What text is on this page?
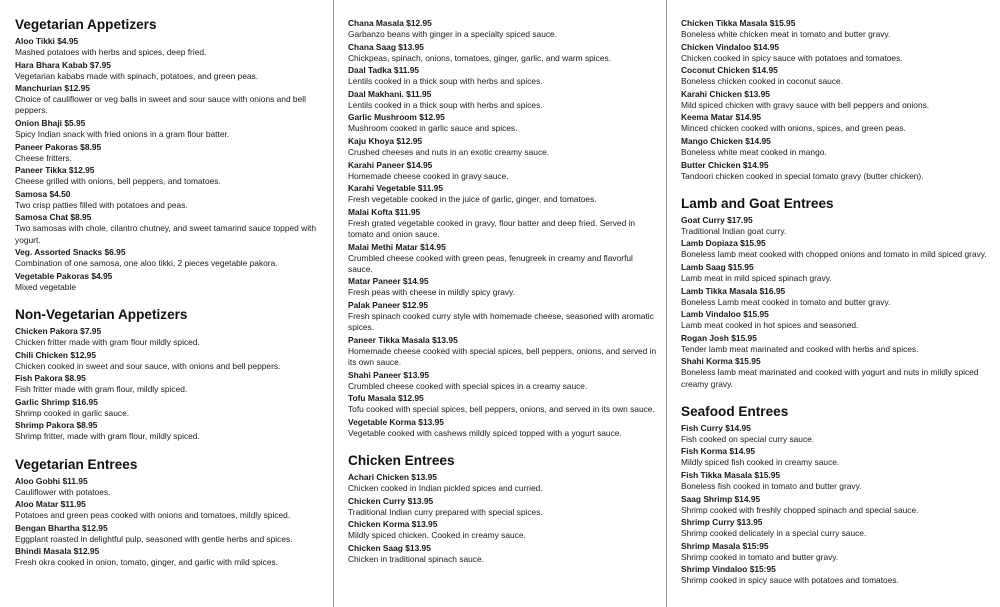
Vegetarian Appetizers
Aloo Tikki $4.95
Mashed potatoes with herbs and spices, deep fried.
Hara Bhara Kabab $7.95
Vegetarian kababs made with spinach, potatoes, and green peas.
Manchurian $12.95
Choice of cauliflower or veg balls in sweet and sour sauce with onions and bell peppers.
Onion Bhaji $5.95
Spicy Indian snack with fried onions in a gram flour batter.
Paneer Pakoras $8.95
Cheese fritters.
Paneer Tikka $12.95
Cheese grilled with onions, bell peppers, and tomatoes.
Samosa $4.50
Two crisp patties filled with potatoes and peas.
Samosa Chat $8.95
Two samosas with chole, cilantro chutney, and sweet tamarind sauce topped with yogurt.
Veg. Assorted Snacks $6.95
Combination of one samosa, one aloo tikki, 2 pieces vegetable pakora.
Vegetable Pakoras $4.95
Mixed vegetable
Non-Vegetarian Appetizers
Chicken Pakora $7.95
Chicken fritter made with gram flour mildly spiced.
Chili Chicken $12.95
Chicken cooked in sweet and sour sauce, with onions and bell peppers.
Fish Pakora $8.95
Fish fritter made with gram flour, mildly spiced.
Garlic Shrimp $16.95
Shrimp cooked in garlic sauce.
Shrimp Pakora $8.95
Shrimp fritter, made with gram flour, mildly spiced.
Vegetarian Entrees
Aloo Gobhi $11.95
Cauliflower with potatoes.
Aloo Matar $11.95
Potatoes and green peas cooked with onions and tomatoes, mildly spiced.
Bengan Bhartha $12.95
Eggplant roasted in delightful pulp, seasoned with gentle herbs and spices.
Bhindi Masala $12.95
Fresh okra cooked in onion, tomato, ginger, and garlic with mild spices.
Chana Masala $12.95
Garbanzo beans with ginger in a specialty spiced sauce.
Chana Saag $13.95
Chickpeas, spinach, onions, tomatoes, ginger, garlic, and warm spices.
Daal Tadka $11.95
Lentils cooked in a thick soup with herbs and spices.
Daal Makhani. $11.95
Lentils cooked in a thick soup with herbs and spices.
Garlic Mushroom $12.95
Mushroom cooked in garlic sauce and spices.
Kaju Khoya $12.95
Crushed cheeses and nuts in an exotic creamy sauce.
Karahi Paneer $14.95
Homemade cheese cooked in gravy sauce.
Karahi Vegetable $11.95
Fresh vegetable cooked in the juice of garlic, ginger, and tomatoes.
Malai Kofta $11.95
Fresh grated vegetable cooked in gravy, flour batter and deep fried. Served in tomato and onion sauce.
Malai Methi Matar $14.95
Crumbled cheese cooked with green peas, fenugreek in creamy and flavorful sauce.
Matar Paneer $14.95
Fresh peas with cheese in mildly spicy gravy.
Palak Paneer $12.95
Fresh spinach cooked curry style with homemade cheese, seasoned with aromatic spices.
Paneer Tikka Masala $13.95
Homemade cheese cooked with special spices, bell peppers, onions, and served in its own sauce.
Shahi Paneer $13.95
Crumbled cheese cooked with special spices in a creamy sauce.
Tofu Masala $12.95
Tofu cooked with special spices, bell peppers, onions, and served in its own sauce.
Vegetable Korma $13.95
Vegetable cooked with cashews mildly spiced topped with a yogurt sauce.
Chicken Entrees
Achari Chicken $13.95
Chicken cooked in Indian pickled spices and curried.
Chicken Curry $13.95
Traditional Indian curry prepared with special spices.
Chicken Korma $13.95
Mildly spiced chicken. Cooked in creamy sauce.
Chicken Saag $13.95
Chicken in traditional spinach sauce.
Chicken Tikka Masala $15.95
Boneless white chicken meat in tomato and butter gravy.
Chicken Vindaloo $14.95
Chicken cooked in spicy sauce with potatoes and tomatoes.
Coconut Chicken $14.95
Boneless chicken cooked in coconut sauce.
Karahi Chicken $13.95
Mild spiced chicken with gravy sauce with bell peppers and onions.
Keema Matar $14.95
Minced chicken cooked with onions, spices, and green peas.
Mango Chicken $14.95
Boneless white meat cooked in mango.
Butter Chicken $14.95
Tandoori chicken cooked in special tomato gravy (butter chicken).
Lamb and Goat Entrees
Goat Curry $17.95
Traditional Indian goat curry.
Lamb Dopiaza $15.95
Boneless lamb meat cooked with chopped onions and tomato in mild spiced gravy.
Lamb Saag $15.95
Lamb meat in mild spiced spinach gravy.
Lamb Tikka Masala $16.95
Boneless Lamb meat cooked in tomato and butter gravy.
Lamb Vindaloo $15.95
Lamb meat cooked in hot spices and seasoned.
Rogan Josh $15.95
Tender lamb meat marinated and cooked with herbs and spices.
Shahi Korma $15.95
Boneless lamb meat marinated and cooked with yogurt and nuts in mildly spiced creamy gravy.
Seafood Entrees
Fish Curry $14.95
Fish cooked on special curry sauce.
Fish Korma $14.95
Mildly spiced fish cooked in creamy sauce.
Fish Tikka Masala $15.95
Boneless fish cooked in tomato and butter gravy.
Saag Shrimp $14.95
Shrimp cooked with freshly chopped spinach and special sauce.
Shrimp Curry $13.95
Shrimp cooked delicately in a special curry sauce.
Shrimp Masala $15:95
Shrimp cooked in tomato and butter gravy.
Shrimp Vindaloo $15:95
Shrimp cooked in spicy sauce with potatoes and tomatoes.
